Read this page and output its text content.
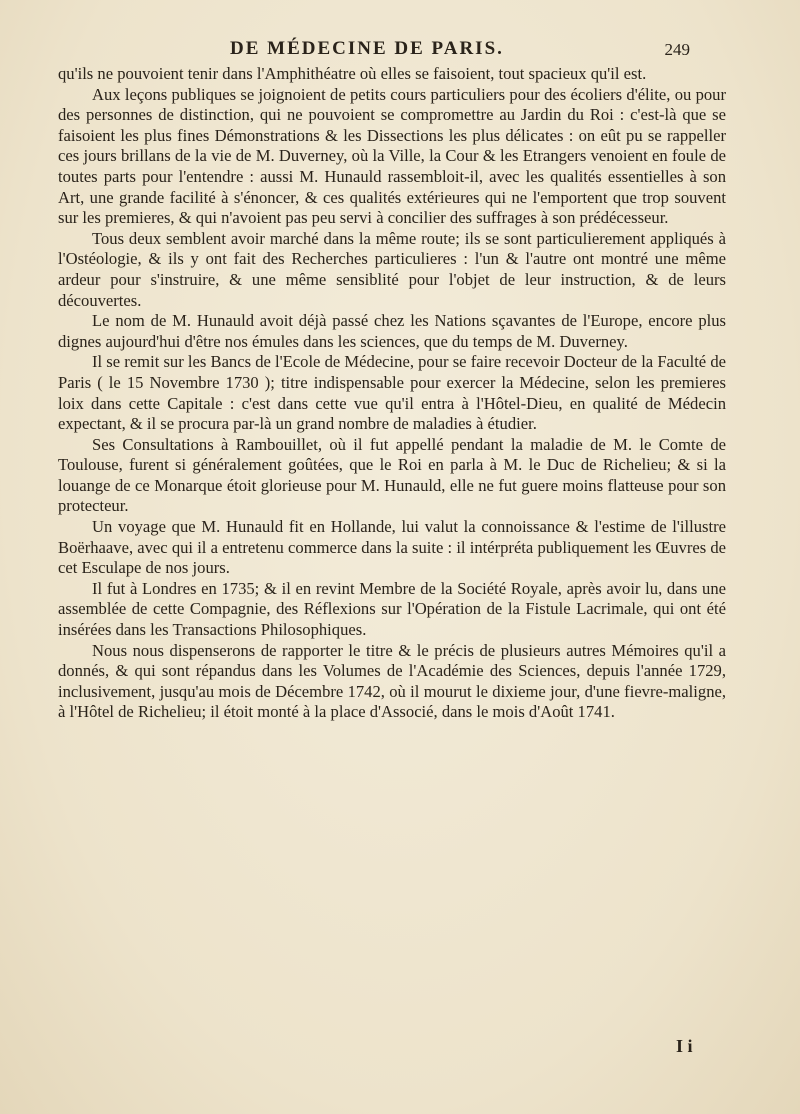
DE MÉDECINE DE PARIS.	249

qu'ils ne pouvoient tenir dans l'Amphithéatre où elles se faisoient, tout spacieux qu'il est.

Aux leçons publiques se joignoient de petits cours particuliers pour des écoliers d'élite, ou pour des personnes de distinction, qui ne pouvoient se compromettre au Jardin du Roi : c'est-là que se faisoient les plus fines Démonstrations & les Dissections les plus délicates : on eût pu se rappeller ces jours brillans de la vie de M. Duverney, où la Ville, la Cour & les Etrangers venoient en foule de toutes parts pour l'entendre : aussi M. Hunauld rassembloit-il, avec les qualités essentielles à son Art, une grande facilité à s'énoncer, & ces qualités extérieures qui ne l'emportent que trop souvent sur les premieres, & qui n'avoient pas peu servi à concilier des suffrages à son prédécesseur.

Tous deux semblent avoir marché dans la même route; ils se sont particulierement appliqués à l'Ostéologie, & ils y ont fait des Recherches particulieres : l'un & l'autre ont montré une même ardeur pour s'instruire, & une même sensiblité pour l'objet de leur instruction, & de leurs découvertes.

Le nom de M. Hunauld avoit déjà passé chez les Nations sçavantes de l'Europe, encore plus dignes aujourd'hui d'être nos émules dans les sciences, que du temps de M. Duverney.

Il se remit sur les Bancs de l'Ecole de Médecine, pour se faire recevoir Docteur de la Faculté de Paris ( le 15 Novembre 1730 ); titre indispensable pour exercer la Médecine, selon les premieres loix dans cette Capitale : c'est dans cette vue qu'il entra à l'Hôtel-Dieu, en qualité de Médecin expectant, & il se procura par-là un grand nombre de maladies à étudier.

Ses Consultations à Rambouillet, où il fut appellé pendant la maladie de M. le Comte de Toulouse, furent si généralement goûtées, que le Roi en parla à M. le Duc de Richelieu; & si la louange de ce Monarque étoit glorieuse pour M. Hunauld, elle ne fut guere moins flatteuse pour son protecteur.

Un voyage que M. Hunauld fit en Hollande, lui valut la connoissance & l'estime de l'illustre Boërhaave, avec qui il a entretenu commerce dans la suite : il intérpréta publiquement les Œuvres de cet Esculape de nos jours.

Il fut à Londres en 1735; & il en revint Membre de la Société Royale, après avoir lu, dans une assemblée de cette Compagnie, des Réflexions sur l'Opération de la Fistule Lacrimale, qui ont été insérées dans les Transactions Philosophiques.

Nous nous dispenserons de rapporter le titre & le précis de plusieurs autres Mémoires qu'il a donnés, & qui sont répandus dans les Volumes de l'Académie des Sciences, depuis l'année 1729, inclusivement, jusqu'au mois de Décembre 1742, où il mourut le dixieme jour, d'une fievre-maligne, à l'Hôtel de Richelieu; il étoit monté à la place d'Associé, dans le mois d'Août 1741.

I i
